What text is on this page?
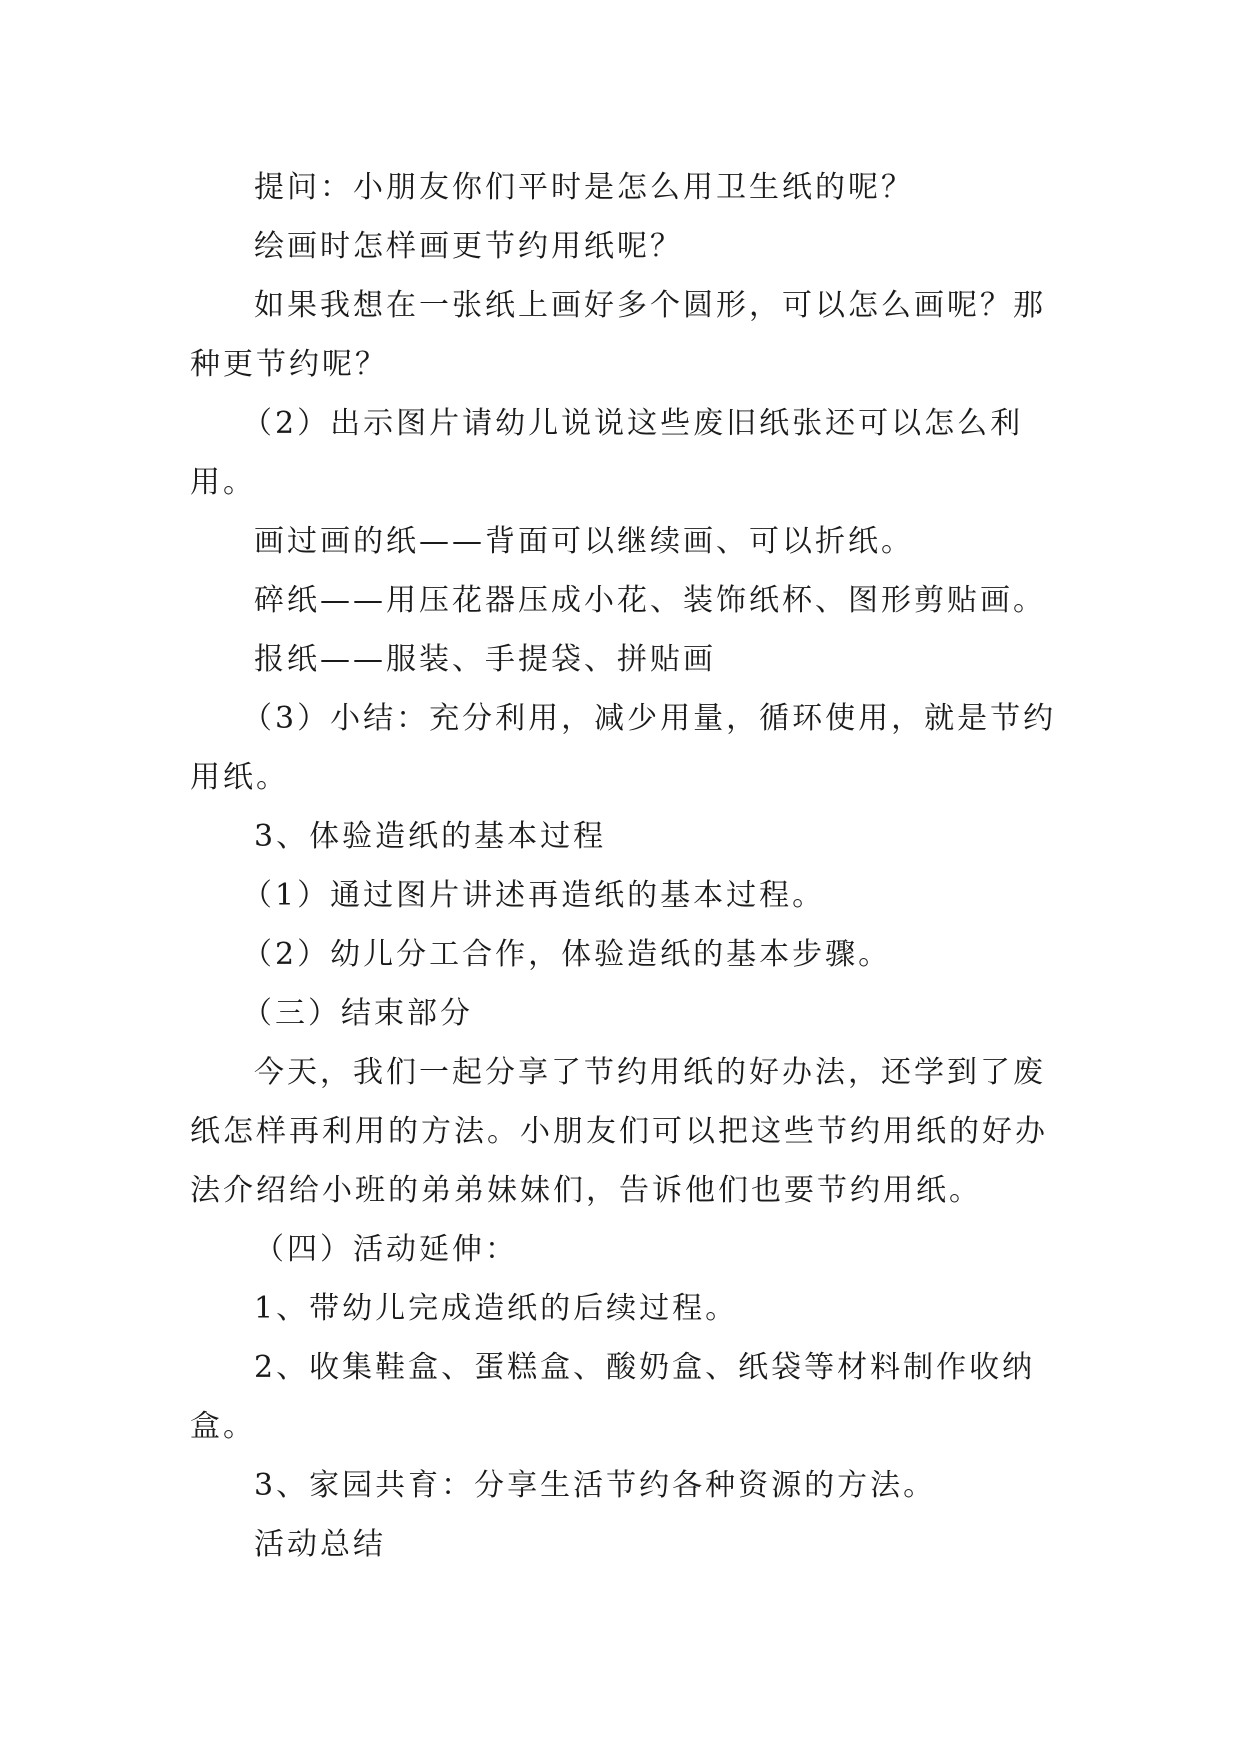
提问：小朋友你们平时是怎么用卫生纸的呢？

绘画时怎样画更节约用纸呢？

如果我想在一张纸上画好多个圆形，可以怎么画呢？那种更节约呢？

（2）出示图片请幼儿说说这些废旧纸张还可以怎么利用。

画过画的纸——背面可以继续画、可以折纸。

碎纸——用压花器压成小花、装饰纸杯、图形剪贴画。

报纸——服装、手提袋、拼贴画

（3）小结：充分利用，减少用量，循环使用，就是节约用纸。

3、体验造纸的基本过程

（1）通过图片讲述再造纸的基本过程。

（2）幼儿分工合作，体验造纸的基本步骤。

（三）结束部分

今天，我们一起分享了节约用纸的好办法，还学到了废纸怎样再利用的方法。小朋友们可以把这些节约用纸的好办法介绍给小班的弟弟妹妹们，告诉他们也要节约用纸。

（四）活动延伸：

1、带幼儿完成造纸的后续过程。

2、收集鞋盒、蛋糕盒、酸奶盒、纸袋等材料制作收纳盒。

3、家园共育：分享生活节约各种资源的方法。

活动总结
